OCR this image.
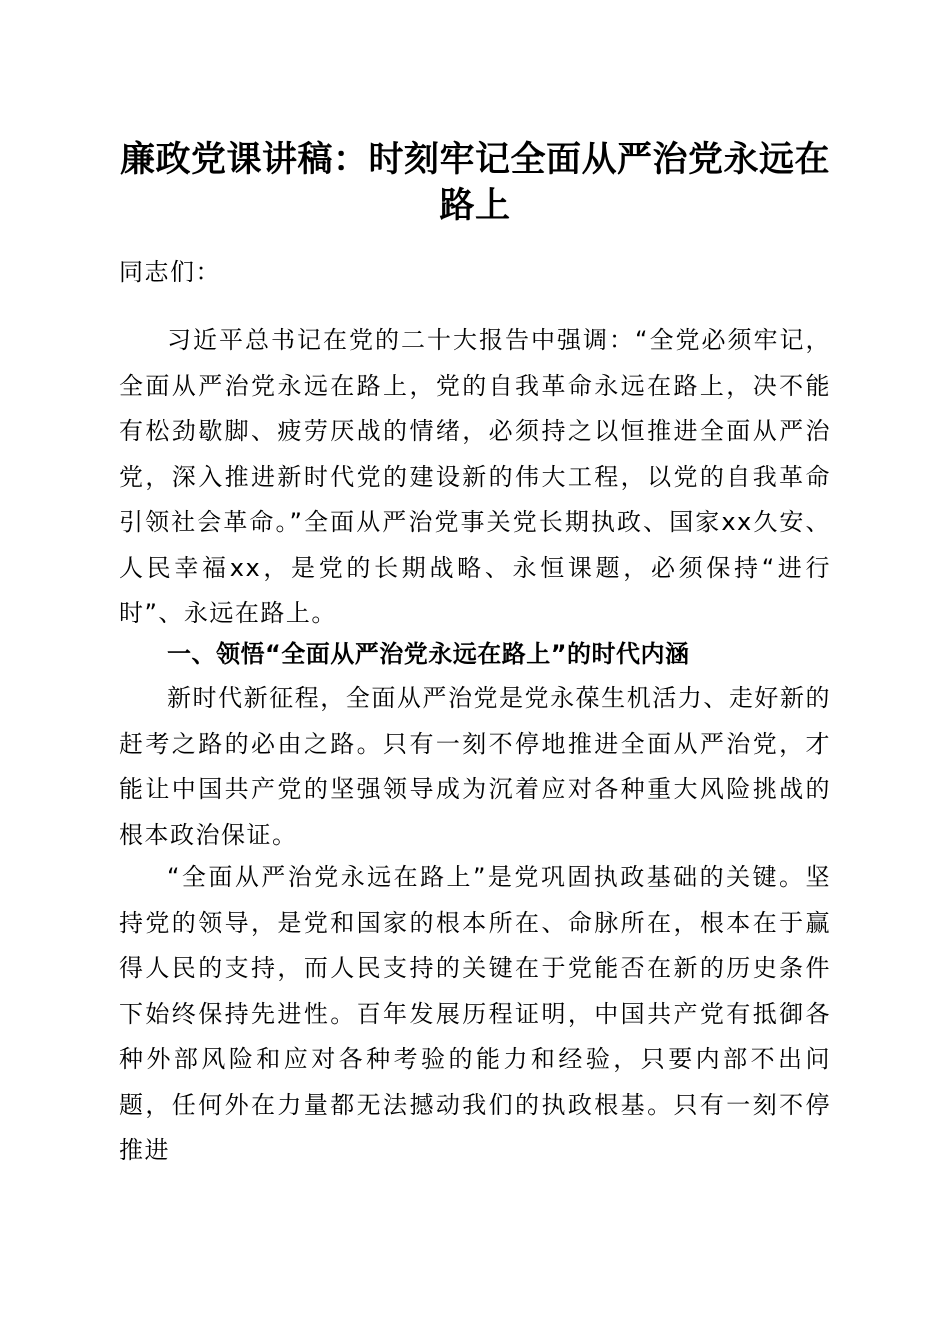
廉政党课讲稿：时刻牢记全面从严治党永远在路上

同志们：

习近平总书记在党的二十大报告中强调：“全党必须牢记，全面从严治党永远在路上，党的自我革命永远在路上，决不能有松劲歇脚、疲劳厌战的情绪，必须持之以恒推进全面从严治党，深入推进新时代党的建设新的伟大工程，以党的自我革命引领社会革命。”全面从严治党事关党长期执政、国家xx久安、人民幸福xx，是党的长期战略、永恒课题，必须保持“进行时”、永远在路上。

一、领悟“全面从严治党永远在路上”的时代内涵

新时代新征程，全面从严治党是党永葆生机活力、走好新的赶考之路的必由之路。只有一刻不停地推进全面从严治党，才能让中国共产党的坚强领导成为沉着应对各种重大风险挑战的根本政治保证。

“全面从严治党永远在路上”是党巩固执政基础的关键。坚持党的领导，是党和国家的根本所在、命脉所在，根本在于赢得人民的支持，而人民支持的关键在于党能否在新的历史条件下始终保持先进性。百年发展历程证明，中国共产党有抵御各种外部风险和应对各种考验的能力和经验，只要内部不出问题，任何外在力量都无法撼动我们的执政根基。只有一刻不停推进
